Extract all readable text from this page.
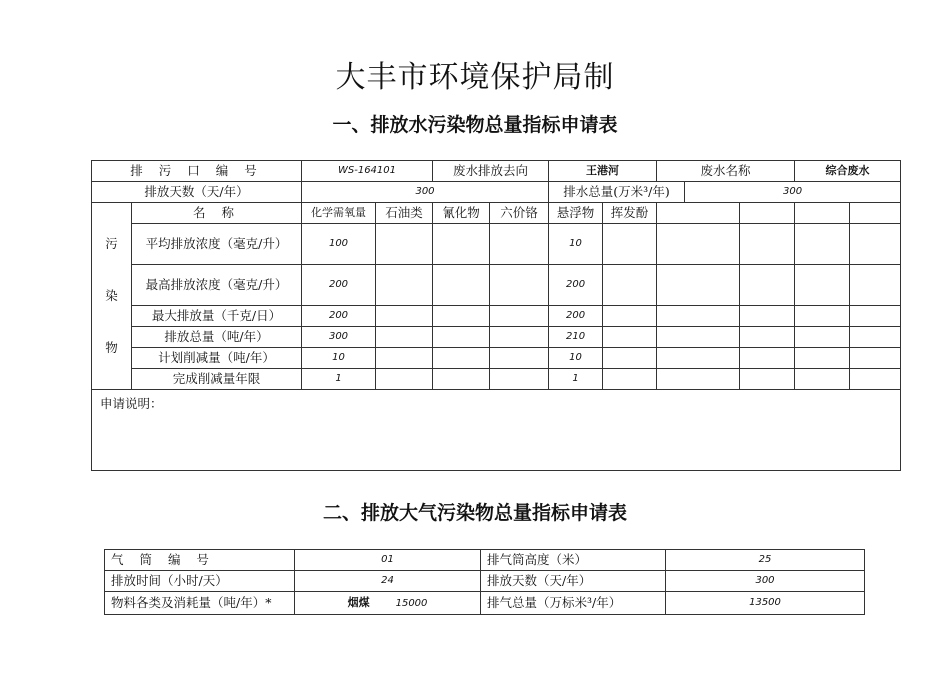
大丰市环境保护局制
一、排放水污染物总量指标申请表
排 污 口 编 号		WS-164101		废水排放去向		王港河		废水名称			综合废水	
排放天数（天/年）		300				排水总量(万米³/年)			300			

污

染

物	名 称	化学需氧量	石油类	氰化物	六价铬	悬浮物	挥发酚					
	平均排放浓度（毫克/升）	100				10						
	最高排放浓度（毫克/升）	200				200						
	最大排放量（千克/日）	200				200						
	排放总量（吨/年）	300				210						
	计划削减量（吨/年）	10				10						
	完成削减量年限	1				1						
申请说明：												
二、排放大气污染物总量指标申请表
气 筒 编 号	01	排气筒高度（米）	25
排放时间（小时/天）	24	排放天数（天/年）	300
物料各类及消耗量（吨/年）*	烟煤 15000	排气总量（万标米³/年）	13500
